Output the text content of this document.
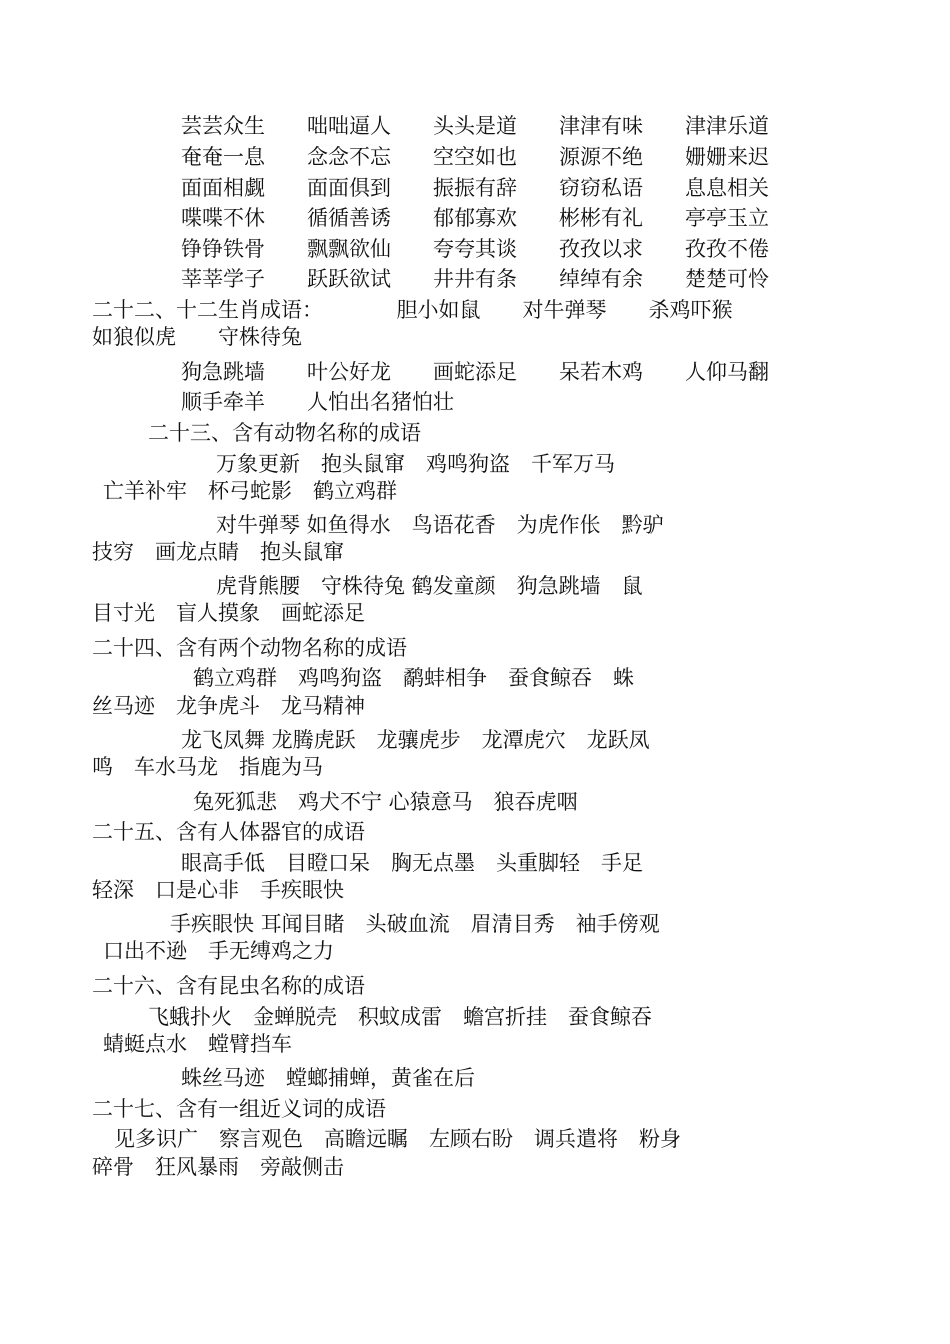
芸芸众生　　咄咄逼人　　头头是道　　津津有味　　津津乐道

奄奄一息　　念念不忘　　空空如也　　源源不绝　　姗姗来迟

面面相觑　　面面俱到　　振振有辞　　窃窃私语　　息息相关

喋喋不休　　循循善诱　　郁郁寡欢　　彬彬有礼　　亭亭玉立

铮铮铁骨　　飘飘欲仙　　夸夸其谈　　孜孜以求　　孜孜不倦

莘莘学子　　跃跃欲试　　井井有条　　绰绰有余　　楚楚可怜

二十二、十二生肖成语：　　　　胆小如鼠　　对牛弹琴　　杀鸡吓猴

如狼似虎　　守株待兔

狗急跳墙　　叶公好龙　　画蛇添足　　呆若木鸡　　人仰马翻

顺手牵羊　　人怕出名猪怕壮

二十三、含有动物名称的成语

万象更新　抱头鼠窜　鸡鸣狗盗　千军万马

亡羊补牢　杯弓蛇影　鹤立鸡群

对牛弹琴 如鱼得水　鸟语花香　为虎作伥　黔驴

技穷　画龙点睛　抱头鼠窜

虎背熊腰　守株待兔 鹤发童颜　狗急跳墙　鼠

目寸光　盲人摸象　画蛇添足

二十四、含有两个动物名称的成语

鹤立鸡群　鸡鸣狗盗　鹬蚌相争　蚕食鲸吞　蛛

丝马迹　龙争虎斗　龙马精神

龙飞凤舞 龙腾虎跃　龙骧虎步　龙潭虎穴　龙跃凤

鸣　车水马龙　指鹿为马

兔死狐悲　鸡犬不宁 心猿意马　狼吞虎咽

二十五、含有人体器官的成语

眼高手低　目瞪口呆　胸无点墨　头重脚轻　手足

轻深　口是心非　手疾眼快

手疾眼快 耳闻目睹　头破血流　眉清目秀　袖手傍观

口出不逊　手无缚鸡之力

二十六、含有昆虫名称的成语

飞蛾扑火　金蝉脱壳　积蚊成雷　蟾宫折挂　蚕食鲸吞

蜻蜓点水　螳臂挡车

蛛丝马迹　螳螂捕蝉，黄雀在后

二十七、含有一组近义词的成语

见多识广　察言观色　高瞻远瞩　左顾右盼　调兵遣将　粉身

碎骨　狂风暴雨　旁敲侧击
